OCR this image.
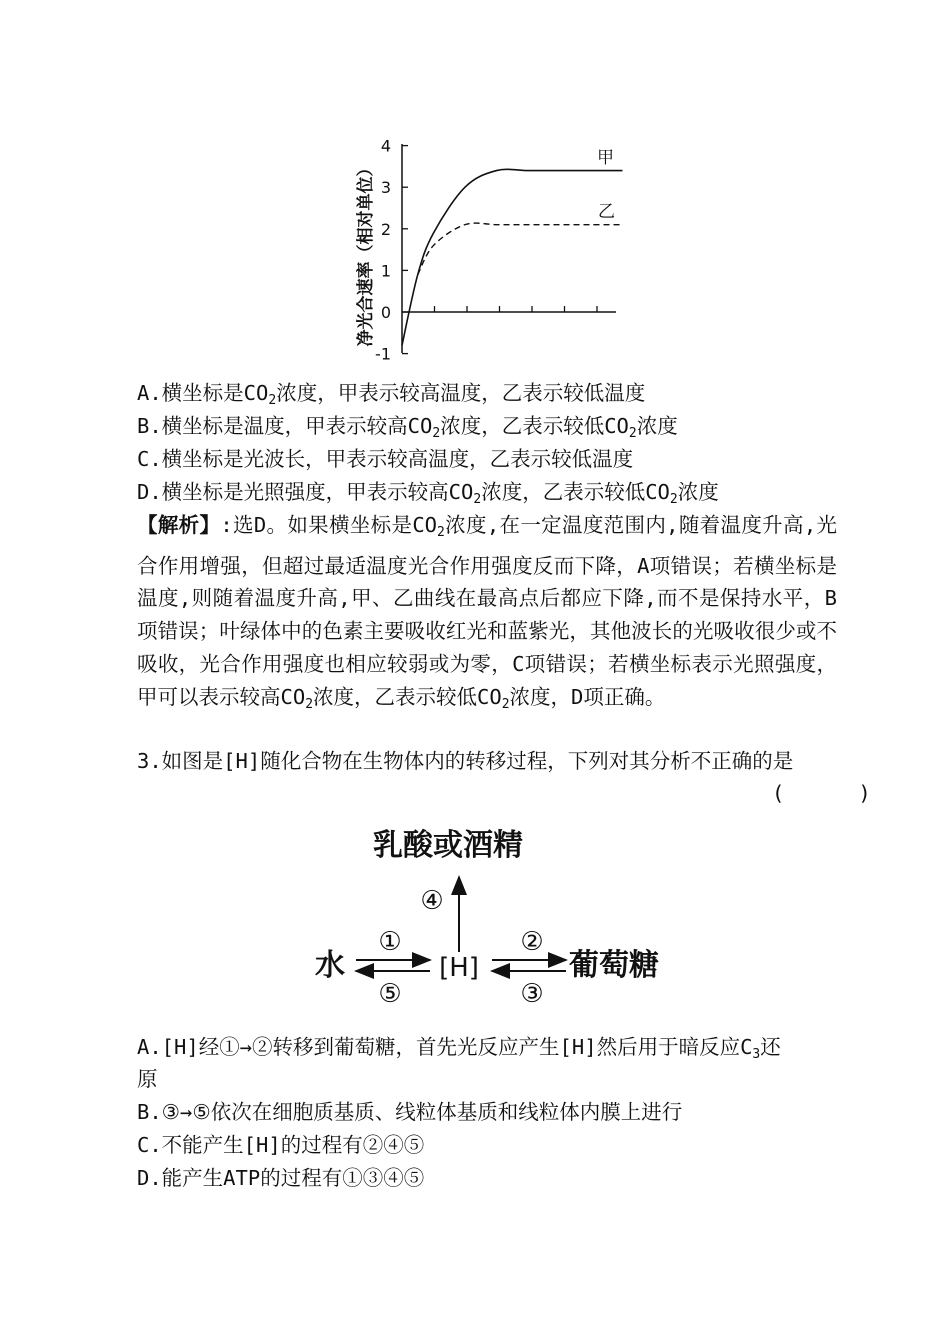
净光合速率（相对单位）
4
3
2
1
0
-1
甲
乙
A.横坐标是$CO_2$浓度，甲表示较高温度，乙表示较低温度
B.横坐标是温度，甲表示较高$CO_2$浓度，乙表示较低$CO_2$浓度
C.横坐标是光波长，甲表示较高温度，乙表示较低温度
D.横坐标是光照强度，甲表示较高$CO_2$浓度，乙表示较低$CO_2$浓度
【解析】:选D。如果横坐标是$CO_2$浓度,在一定温度范围内,随着温度升高,光合作用增强，但超过最适温度光合作用强度反而下降，A项错误；若横坐标是温度,则随着温度升高,甲、乙曲线在最高点后都应下降,而不是保持水平，B项错误；叶绿体中的色素主要吸收红光和蓝紫光，其他波长的光吸收很少或不吸收，光合作用强度也相应较弱或为零，C项错误；若横坐标表示光照强度，甲可以表示较高$CO_2$浓度，乙表示较低$CO_2$浓度，D项正确。
3.如图是[H]随化合物在生物体内的转移过程，下列对其分析不正确的是
(      )
乳酸或酒精
水	[H]	葡萄糖
④
①
⑤
②
③
A.[H]经①→②转移到葡萄糖，首先光反应产生[H]然后用于暗反应$C_3$还
原
B.③→⑤依次在细胞质基质、线粒体基质和线粒体内膜上进行
C.不能产生[H]的过程有②④⑤
D.能产生ATP的过程有①③④⑤
